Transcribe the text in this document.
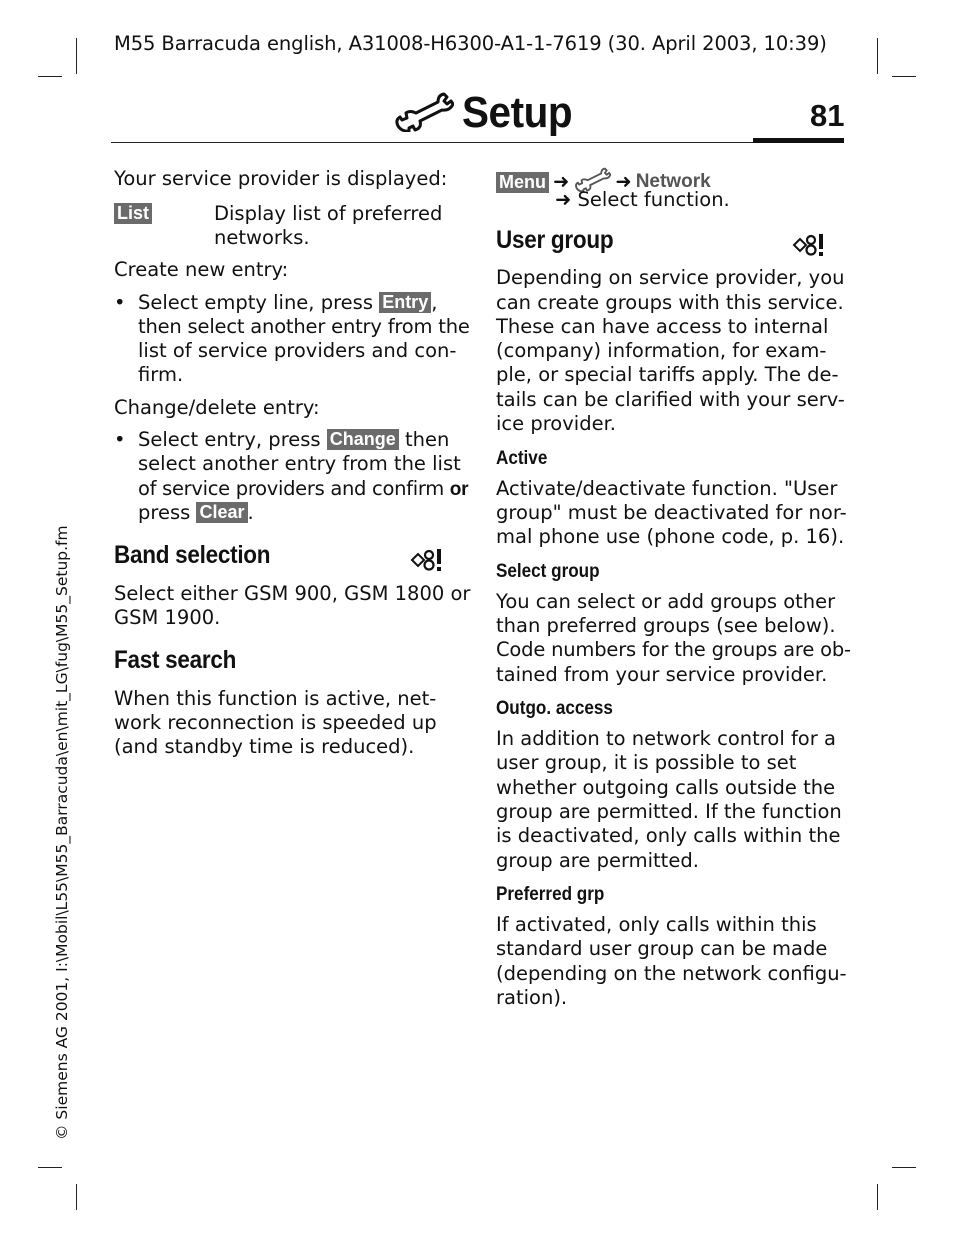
M55 Barracuda english, A31008-H6300-A1-1-7619 (30. April 2003, 10:39)
Setup	81

Your service provider is displayed:

List	Display list of preferred

networks.

Create new entry:

• Select empty line, press Entry ,

then select another entry from the

list of service providers and con-

firm.

Change/delete entry:

• Select entry, press Change then

select another entry from the list

of service providers and confirm or

press Clear .

Band selection

Select either GSM 900, GSM 1800 or

GSM 1900.

Fast search

When this function is active, net-

work reconnection is speeded up

(and standby time is reduced).

Menu ➜ ➜ Network
➜ Select function.
User group

Depending on service provider, you

can create groups with this service.

These can have access to internal

(company) information, for exam-

ple, or special tariffs apply. The de-

tails can be clarified with your serv-

ice provider.

Active

Activate/deactivate function. "User

group" must be deactivated for nor-

mal phone use (phone code, p. 16).

Select group

You can select or add groups other

than preferred groups (see below).

Code numbers for the groups are ob-

tained from your service provider.

Outgo. access

In addition to network control for a

user group, it is possible to set

whether outgoing calls outside the

group are permitted. If the function

is deactivated, only calls within the

group are permitted.

Preferred grp

If activated, only calls within this

standard user group can be made

(depending on the network configu-

ration).

© Siemens AG 2001, I:\Mobil\L55\M55_Barracuda\en\mit_LG\fug\M55_Setup.fm
